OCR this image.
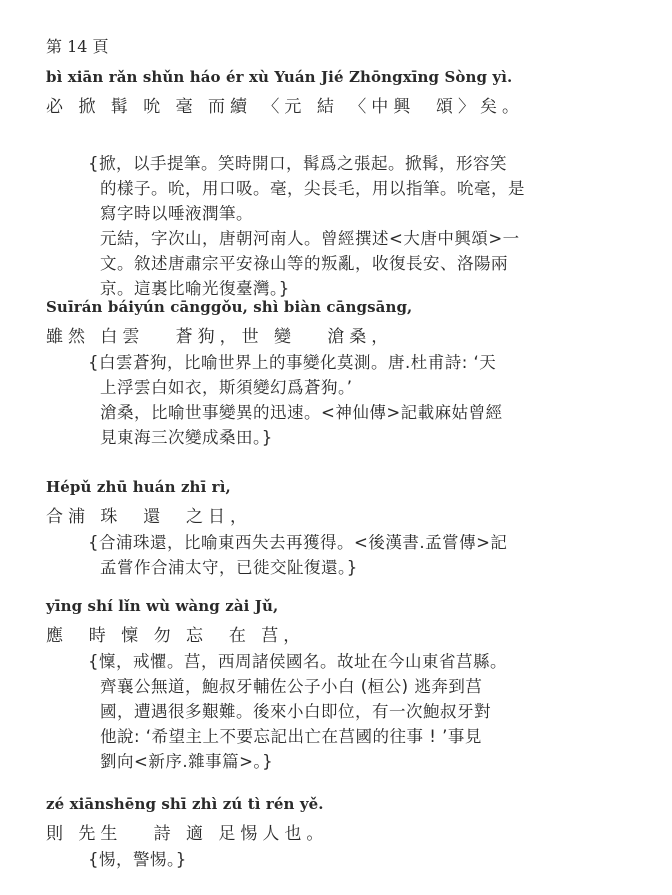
第 14 頁
bì xiān rǎn shǔn háo ér xù Yuán Jié Zhōngxīng Sòng yì.
必 掀 髯 吮 毫 而續 〈元 結 〈中興  頌〉矣。

{掀，以手提筆。笑時開口，髯爲之張起。掀髯，形容笑

的樣子。吮，用口吸。毫，尖長毛，用以指筆。吮毫，是

寫字時以唾液潤筆。

元結，字次山，唐朝河南人。曾經撰述<大唐中興頌>一

文。敘述唐肅宗平安祿山等的叛亂，收復長安、洛陽兩

京。這裏比喻光復臺灣。}

Suīrán báiyún cānggǒu, shì biàn cāngsāng,
雖然 白雲   蒼狗，世 變   滄桑，

{白雲蒼狗，比喻世界上的事變化莫測。唐.杜甫詩: ‘天

上浮雲白如衣，斯須變幻爲蒼狗。’

滄桑，比喻世事變異的迅速。<神仙傳>記載麻姑曾經

見東海三次變成桑田。}

Hépǔ zhū huán zhī rì,
合浦 珠  還  之日，

{合浦珠還，比喻東西失去再獲得。<後漢書.孟嘗傳>記

孟嘗作合浦太守，已徙交阯復還。}

yīng shí lǐn wù wàng zài Jǔ,
應  時 懍 勿 忘  在 莒，

{懍，戒懼。莒，西周諸侯國名。故址在今山東省莒縣。

齊襄公無道，鮑叔牙輔佐公子小白 (桓公) 逃奔到莒

國，遭遇很多艱難。後來小白即位，有一次鮑叔牙對

他說: ‘希望主上不要忘記出亡在莒國的往事 ! ’事見

劉向<新序.雜事篇>。}

zé xiānshēng shī zhì zú tì rén yě.
則 先生   詩 適 足惕人也。

{惕，警惕。}
